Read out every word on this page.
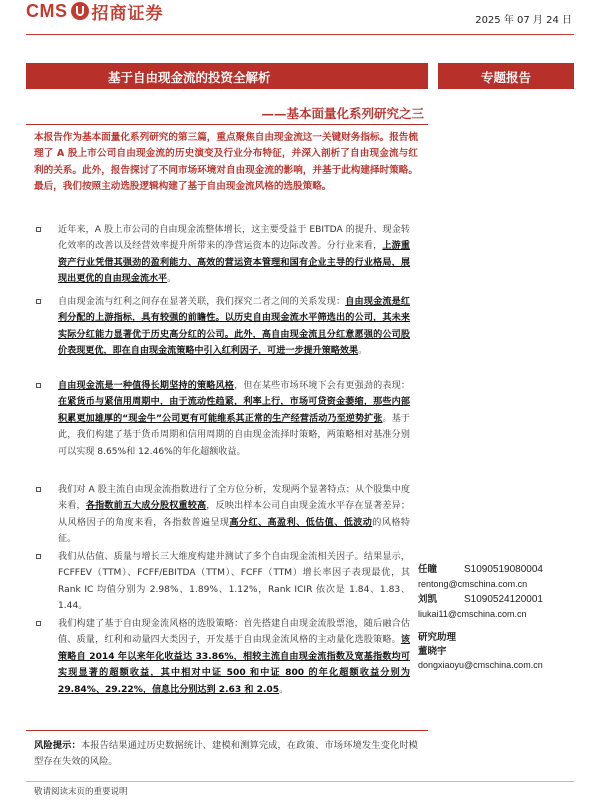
CMS 招商证券	2025 年 07 月 24 日
基于自由现金流的投资全解析	专题报告
——基本面量化系列研究之三
本报告作为基本面量化系列研究的第三篇，重点聚焦自由现金流这一关键财务指标。报告梳理了 A 股上市公司自由现金流的历史演变及行业分布特征，并深入剖析了自由现金流与红利的关系。此外，报告探讨了不同市场环境对自由现金流的影响，并基于此构建择时策略。最后，我们按照主动选股逻辑构建了基于自由现金流风格的选股策略。
近年来，A 股上市公司的自由现金流整体增长，这主要受益于 EBITDA 的提升、现金转化效率的改善以及经营效率提升所带来的净营运资本的边际改善。分行业来看，上游重资产行业凭借其强劲的盈利能力、高效的营运资本管理和国有企业主导的行业格局，展现出更优的自由现金流水平。
自由现金流与红利之间存在显著关联，我们探究二者之间的关系发现：自由现金流是红利分配的上游指标，具有较强的前瞻性。以历史自由现金流水平筛选出的公司，其未来实际分红能力显著优于历史高分红的公司。此外，高自由现金流且分红意愿强的公司股价表现更优，即在自由现金流策略中引入红利因子，可进一步提升策略效果。
自由现金流是一种值得长期坚持的策略风格，但在某些市场环境下会有更强劲的表现：在紧货币与紧信用周期中，由于流动性趋紧，利率上行，市场可贷资金萎缩，那些内部积累更加雄厚的“现金牛”公司更有可能维系其正常的生产经营活动乃至逆势扩张。基于此，我们构建了基于货币周期和信用周期的自由现金流择时策略，两策略相对基准分别可以实现 8.65%和 12.46%的年化超额收益。
我们对 A 股主流自由现金流指数进行了全方位分析，发现两个显著特点：从个股集中度来看，各指数前五大成分股权重较高，反映出样本公司自由现金流水平存在显著差异；从风格因子的角度来看，各指数普遍呈现高分红、高盈利、低估值、低波动的风格特征。
我们从估值、质量与增长三大维度构建并测试了多个自由现金流相关因子。结果显示，FCFFEV（TTM）、FCFF/EBITDA（TTM）、FCFF（TTM）增长率因子表现最优，其 Rank IC 均值分别为 2.98%、1.89%、1.12%，Rank ICIR 依次是 1.84、1.83、1.44。
我们构建了基于自由现金流风格的选股策略：首先搭建自由现金流股票池，随后融合估值、质量，红利和动量四大类因子，开发基于自由现金流风格的主动量化选股策略。该策略自 2014 年以来年化收益达 33.86%，相较主流自由现金流指数及宽基指数均可实现显著的超额收益，其中相对中证 500 和中证 800 的年化超额收益分别为 29.84%、29.22%，信息比分别达到 2.63 和 2.05。
任瞳	S1090519080004
rentong@cmschina.com.cn
刘凯	S1090524120001
liukai11@cmschina.com.cn
研究助理
董晓宇
dongxiaoyu@cmschina.com.cn
风险提示：本报告结果通过历史数据统计、建模和测算完成，在政策、市场环境发生变化时模型存在失效的风险。
敬请阅读末页的重要说明
